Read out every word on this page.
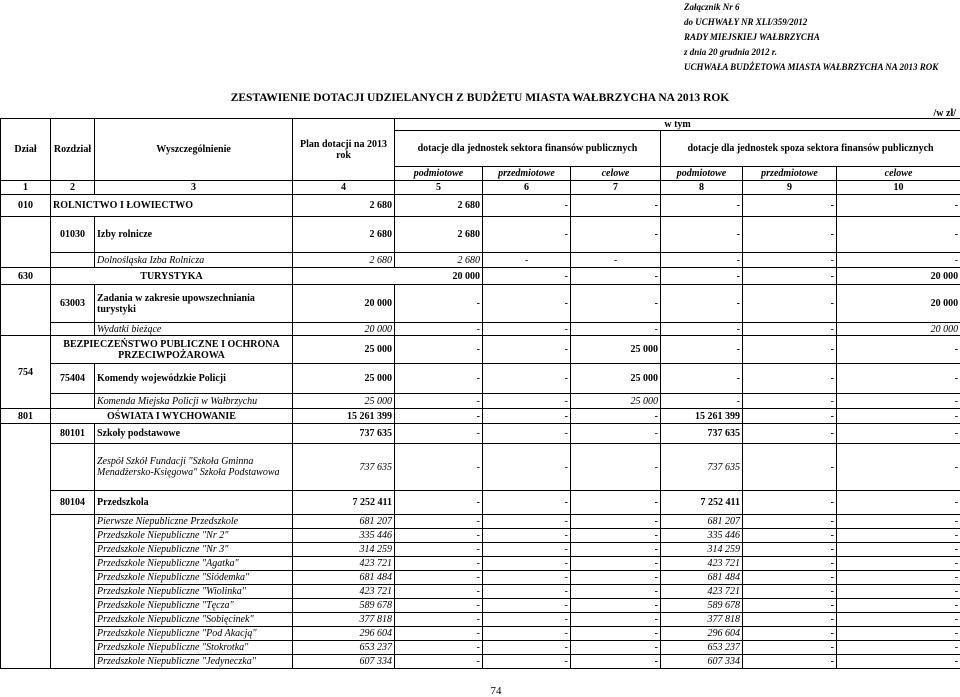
Załącznik Nr 6
do UCHWAŁY NR XLI/359/2012
RADY MIEJSKIEJ WAŁBRZYCHA
z dnia 20 grudnia 2012 r.
UCHWAŁA BUDŻETOWA MIASTA WAŁBRZYCHA NA 2013 ROK
ZESTAWIENIE DOTACJI UDZIELANYCH Z BUDŻETU MIASTA WAŁBRZYCHA NA 2013 ROK
/w zł/
Dział	Rozdział	Wyszczególnienie	Plan dotacji na 2013 rok	w tym					
				dotacje dla jednostek sektora finansów publicznych			dotacje dla jednostek spoza sektora finansów publicznych		
				podmiotowe	przedmiotowe	celowe	podmiotowe	przedmiotowe	celowe
1	2	3	4	5	6	7	8	9	10
010	ROLNICTWO I ŁOWIECTWO		2 680	2 680	-	-	-	-	-
	01030	Izby rolnicze	2 680	2 680	-	-	-	-	-
		Dolnośląska Izba Rolnicza	2 680	2 680	-	-	-	-	-
630	TURYSTYKA		20 000		-	-	-	-	20 000
	63003	Zadania w zakresie upowszechniania turystyki	20 000	-	-	-	-	-	20 000
		Wydatki bieżące	20 000	-	-	-	-	-	20 000
754	BEZPIECZEŃSTWO PUBLICZNE I OCHRONA PRZECIWPOŻAROWA		25 000	-	-	25 000	-	-	-
	75404	Komendy wojewódzkie Policji	25 000	-	-	25 000	-	-	-
		Komenda Miejska Policji w Wałbrzychu	25 000	-	-	25 000	-	-	-
801	OŚWIATA I WYCHOWANIE		15 261 399	-	-	-	15 261 399	-	-
	80101	Szkoły podstawowe	737 635	-	-	-	737 635	-	-
		Zespół Szkół Fundacji "Szkoła Gminna Menadżersko-Księgowa" Szkoła Podstawowa	737 635	-	-	-	737 635	-	-
	80104	Przedszkola	7 252 411	-	-	-	7 252 411	-	-
		Pierwsze Niepubliczne Przedszkole	681 207	-	-	-	681 207	-	-
		Przedszkole Niepubliczne "Nr 2"	335 446	-	-	-	335 446	-	-
		Przedszkole Niepubliczne "Nr 3"	314 259	-	-	-	314 259	-	-
		Przedszkole Niepubliczne "Agatka"	423 721	-	-	-	423 721	-	-
		Przedszkole Niepubliczne "Siódemka"	681 484	-	-	-	681 484	-	-
		Przedszkole Niepubliczne "Wiolinka"	423 721	-	-	-	423 721	-	-
		Przedszkole Niepubliczne "Tęcza"	589 678	-	-	-	589 678	-	-
		Przedszkole Niepubliczne "Sobięcinek"	377 818	-	-	-	377 818	-	-
		Przedszkole Niepubliczne "Pod Akacją"	296 604	-	-	-	296 604	-	-
		Przedszkole Niepubliczne "Stokrotka"	653 237	-	-	-	653 237	-	-
		Przedszkole Niepubliczne "Jedyneczka"	607 334	-	-	-	607 334	-	-
74
